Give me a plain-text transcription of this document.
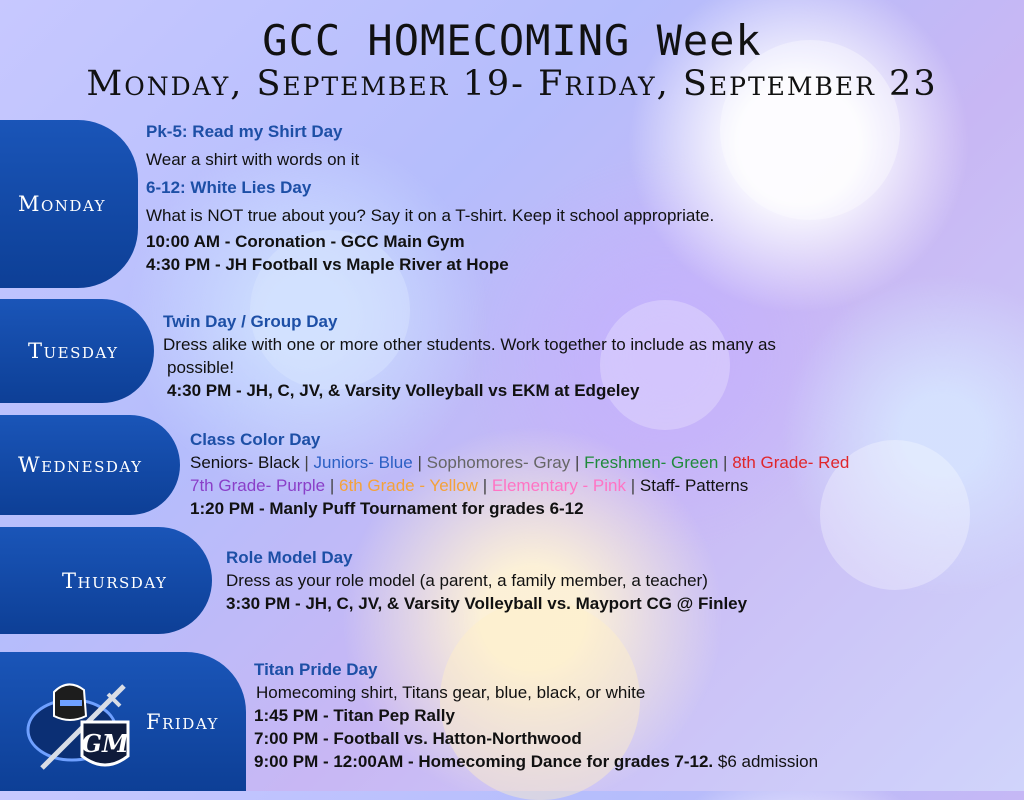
GCC HOMECOMING Week
Monday, September 19- Friday, September 23
Monday
Pk-5: Read my Shirt Day
Wear a shirt with words on it
6-12: White Lies Day
What is NOT true about you? Say it on a T-shirt. Keep it school appropriate.
10:00 AM - Coronation - GCC Main Gym
4:30 PM - JH Football vs Maple River at Hope
Tuesday
Twin Day / Group Day
Dress alike with one or more other students. Work together to include as many as
possible!
4:30 PM - JH, C, JV, & Varsity Volleyball vs EKM at Edgeley
Wednesday
Class Color Day
Seniors- Black | Juniors- Blue | Sophomores- Gray | Freshmen- Green | 8th Grade- Red
7th Grade- Purple | 6th Grade - Yellow | Elementary - Pink | Staff- Patterns
1:20 PM - Manly Puff Tournament for grades 6-12
Thursday
Role Model Day
Dress as your role model (a parent, a family member, a teacher)
3:30 PM - JH, C, JV, & Varsity Volleyball vs. Mayport CG @ Finley
Friday
GM
Titan Pride Day
Homecoming shirt, Titans gear, blue, black, or white
1:45 PM - Titan Pep Rally
7:00 PM - Football vs. Hatton-Northwood
9:00 PM - 12:00AM - Homecoming Dance for grades 7-12. $6 admission
